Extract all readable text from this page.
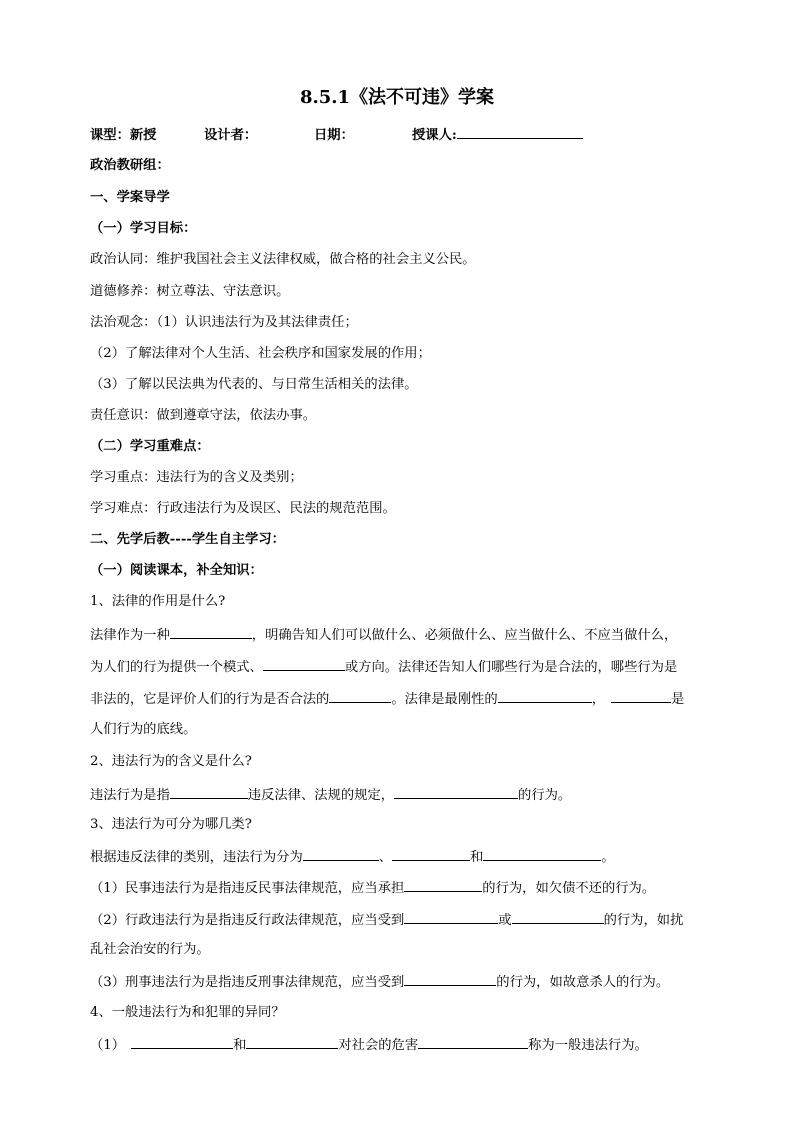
8.5.1《法不可违》学案
课型：新授	设计者：	日期：	授课人:
政治教研组：
一、学案导学
（一）学习目标：
政治认同：维护我国社会主义法律权威，做合格的社会主义公民。
道德修养：树立尊法、守法意识。
法治观念：（1）认识违法行为及其法律责任；
（2）了解法律对个人生活、社会秩序和国家发展的作用；
（3）了解以民法典为代表的、与日常生活相关的法律。
责任意识：做到遵章守法，依法办事。
（二）学习重难点：
学习重点：违法行为的含义及类别；
学习难点：行政违法行为及误区、民法的规范范围。
二、先学后教----学生自主学习：
（一）阅读课本，补全知识：
1、法律的作用是什么?
法律作为一种	，明确告知人们可以做什么、必须做什么、应当做什么、不应当做什么，
为人们的行为提供一个模式、	或方向。法律还告知人们哪些行为是合法的，哪些行为是
非法的，它是评价人们的行为是否合法的	。法律是最刚性的	，	是
人们行为的底线。
2、违法行为的含义是什么?
违法行为是指	违反法律、法规的规定，	的行为。
3、违法行为可分为哪几类?
根据违反法律的类别，违法行为分为	、	和	。
（1）民事违法行为是指违反民事法律规范，应当承担	的行为，如欠债不还的行为。
（2）行政违法行为是指违反行政法律规范，应当受到	或	的行为，如扰
乱社会治安的行为。
（3）刑事违法行为是指违反刑事法律规范，应当受到	的行为，如故意杀人的行为。
4、一般违法行为和犯罪的异同？
（1）	和	对社会的危害	称为一般违法行为。
